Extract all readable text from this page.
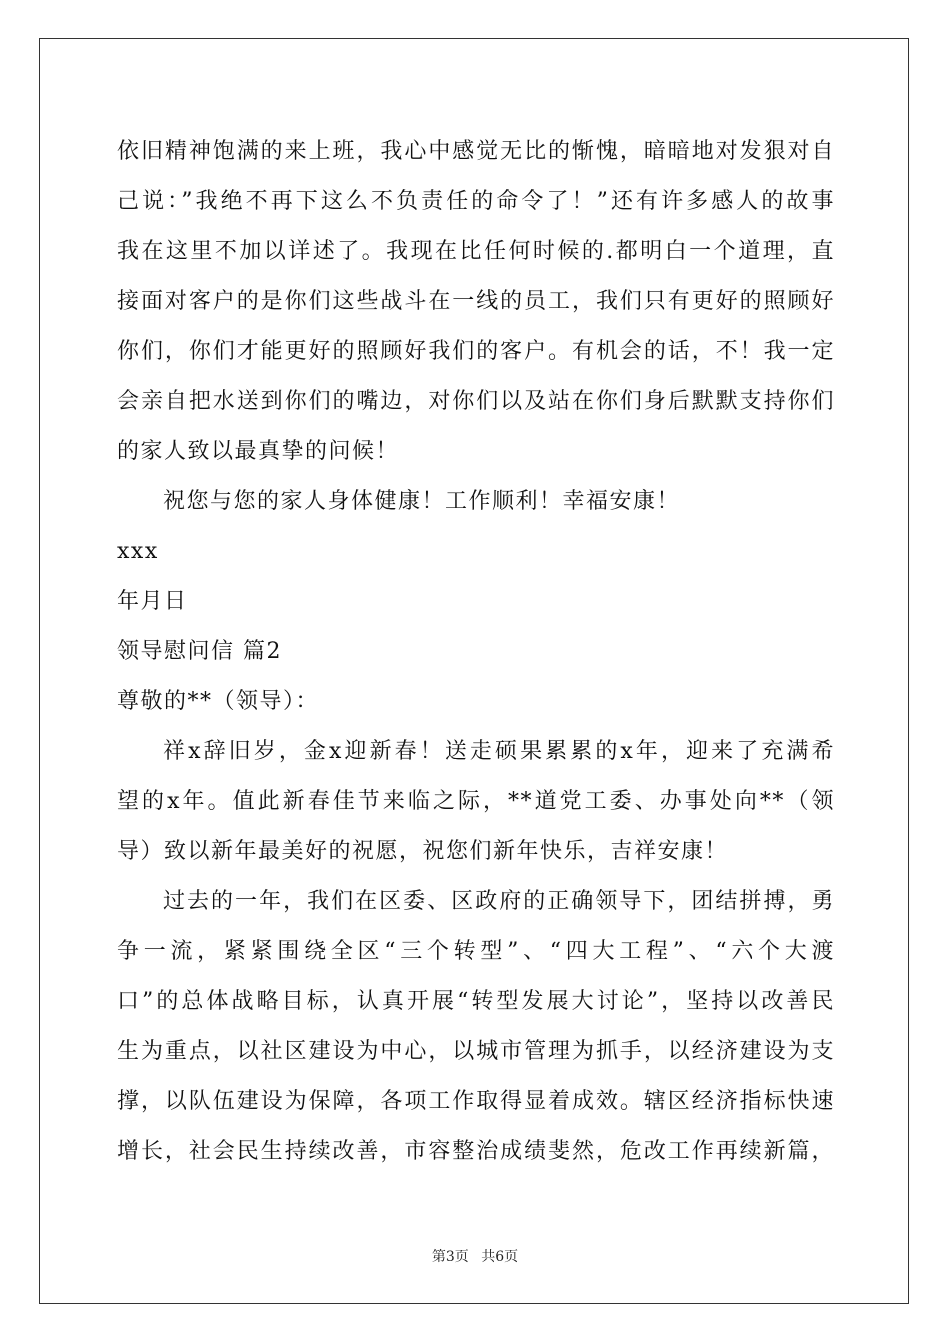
依旧精神饱满的来上班，我心中感觉无比的惭愧，暗暗地对发狠对自
己说：”我绝不再下这么不负责任的命令了！”还有许多感人的故事
我在这里不加以详述了。我现在比任何时候的.都明白一个道理，直
接面对客户的是你们这些战斗在一线的员工，我们只有更好的照顾好
你们，你们才能更好的照顾好我们的客户。有机会的话，不！我一定
会亲自把水送到你们的嘴边，对你们以及站在你们身后默默支持你们
的家人致以最真挚的问候！
祝您与您的家人身体健康！工作顺利！幸福安康！
xxx
年月日
领导慰问信 篇2
尊敬的**（领导）：
祥x辞旧岁，金x迎新春！送走硕果累累的x年，迎来了充满希
望的x年。值此新春佳节来临之际，**道党工委、办事处向**（领
导）致以新年最美好的祝愿，祝您们新年快乐，吉祥安康！
过去的一年，我们在区委、区政府的正确领导下，团结拼搏，勇
争一流，紧紧围绕全区“三个转型”、“四大工程”、“六个大渡
口”的总体战略目标，认真开展“转型发展大讨论”，坚持以改善民
生为重点，以社区建设为中心，以城市管理为抓手，以经济建设为支
撑，以队伍建设为保障，各项工作取得显着成效。辖区经济指标快速
增长，社会民生持续改善，市容整治成绩斐然，危改工作再续新篇，
第3页 共6页
